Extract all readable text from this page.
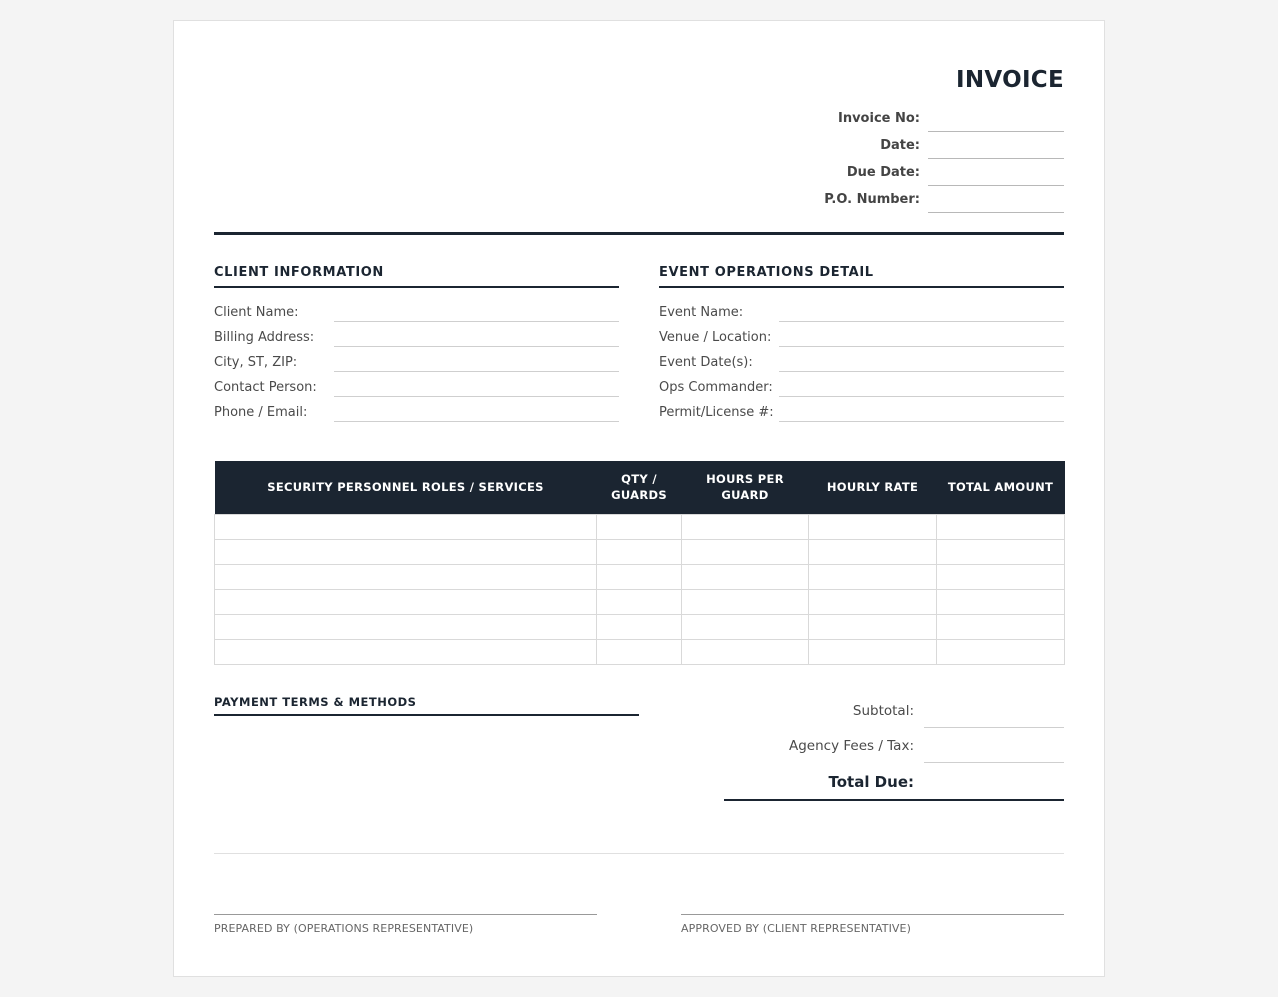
INVOICE
Invoice No:
Date:
Due Date:
P.O. Number:
CLIENT INFORMATION
Client Name:
Billing Address:
City, ST, ZIP:
Contact Person:
Phone / Email:
EVENT OPERATIONS DETAIL
Event Name:
Venue / Location:
Event Date(s):
Ops Commander:
Permit/License #:
SECURITY PERSONNEL ROLES / SERVICES	QTY / GUARDS	HOURS PER GUARD	HOURLY RATE	TOTAL AMOUNT

PAYMENT TERMS & METHODS
Subtotal:
Agency Fees / Tax:
Total Due:
PREPARED BY (OPERATIONS REPRESENTATIVE)	APPROVED BY (CLIENT REPRESENTATIVE)
